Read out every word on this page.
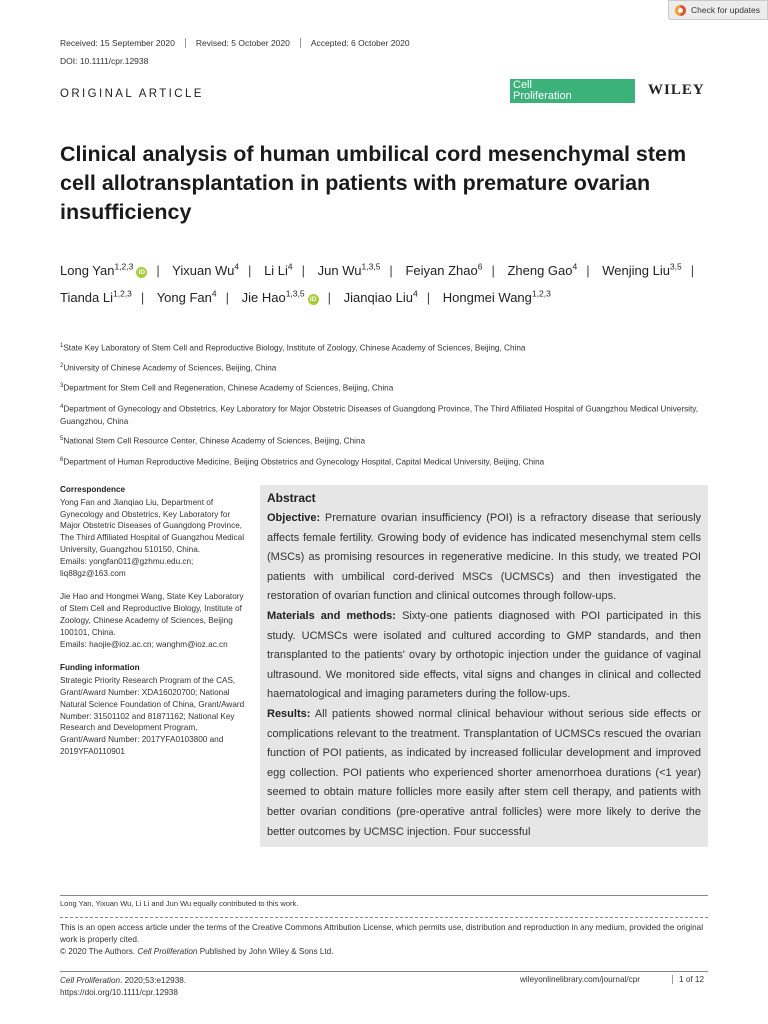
Check for updates
Received: 15 September 2020	Revised: 5 October 2020	Accepted: 6 October 2020
DOI: 10.1111/cpr.12938
ORIGINAL ARTICLE
Cell
Proliferation	WILEY
Clinical analysis of human umbilical cord mesenchymal stem cell allotransplantation in patients with premature ovarian insufficiency
Long Yan$^{1,2,3}$iD | Yixuan Wu$^4$ | Li Li$^4$ | Jun Wu$^{1,3,5}$ | Feiyan Zhao$^6$ | Zheng Gao$^4$ | Wenjing Liu$^{3,5}$ | Tianda Li$^{1,2,3}$ | Yong Fan$^4$ | Jie Hao$^{1,3,5}$iD | Jianqiao Liu$^4$ | Hongmei Wang$^{1,2,3}$

$^1$State Key Laboratory of Stem Cell and Reproductive Biology, Institute of Zoology, Chinese Academy of Sciences, Beijing, China

$^2$University of Chinese Academy of Sciences, Beijing, China

$^3$Department for Stem Cell and Regeneration, Chinese Academy of Sciences, Beijing, China

$^4$Department of Gynecology and Obstetrics, Key Laboratory for Major Obstetric Diseases of Guangdong Province, The Third Affiliated Hospital of Guangzhou Medical University, Guangzhou, China

$^5$National Stem Cell Resource Center, Chinese Academy of Sciences, Beijing, China

$^6$Department of Human Reproductive Medicine, Beijing Obstetrics and Gynecology Hospital, Capital Medical University, Beijing, China

Correspondence
Yong Fan and Jianqiao Liu, Department of Gynecology and Obstetrics, Key Laboratory for Major Obstetric Diseases of Guangdong Province, The Third Affiliated Hospital of Guangzhou Medical University, Guangzhou 510150, China.
Emails: yongfan011@gzhmu.edu.cn; liq88gz@163.com
Jie Hao and Hongmei Wang, State Key Laboratory of Stem Cell and Reproductive Biology, Institute of Zoology, Chinese Academy of Sciences, Beijing 100101, China.
Emails: haojie@ioz.ac.cn; wanghm@ioz.ac.cn
Funding information
Strategic Priority Research Program of the CAS, Grant/Award Number: XDA16020700; National Natural Science Foundation of China, Grant/Award Number: 31501102 and 81871162; National Key Research and Development Program, Grant/Award Number: 2017YFA0103800 and 2019YFA0110901
Abstract

Objective: Premature ovarian insufficiency (POI) is a refractory disease that seriously affects female fertility. Growing body of evidence has indicated mesenchymal stem cells (MSCs) as promising resources in regenerative medicine. In this study, we treated POI patients with umbilical cord-derived MSCs (UCMSCs) and then investigated the restoration of ovarian function and clinical outcomes through follow-ups.

Materials and methods: Sixty-one patients diagnosed with POI participated in this study. UCMSCs were isolated and cultured according to GMP standards, and then transplanted to the patients' ovary by orthotopic injection under the guidance of vaginal ultrasound. We monitored side effects, vital signs and changes in clinical and collected haematological and imaging parameters during the follow-ups.

Results: All patients showed normal clinical behaviour without serious side effects or complications relevant to the treatment. Transplantation of UCMSCs rescued the ovarian function of POI patients, as indicated by increased follicular development and improved egg collection. POI patients who experienced shorter amenorrhoea durations (<1 year) seemed to obtain mature follicles more easily after stem cell therapy, and patients with better ovarian conditions (pre-operative antral follicles) were more likely to derive the better outcomes by UCMSC injection. Four successful

Long Yan, Yixuan Wu, Li Li and Jun Wu equally contributed to this work.
This is an open access article under the terms of the Creative Commons Attribution License, which permits use, distribution and reproduction in any medium, provided the original work is properly cited.
© 2020 The Authors. Cell Proliferation Published by John Wiley & Sons Ltd.
Cell Proliferation. 2020;53:e12938.
https://doi.org/10.1111/cpr.12938
wileyonlinelibrary.com/journal/cpr	1 of 12
